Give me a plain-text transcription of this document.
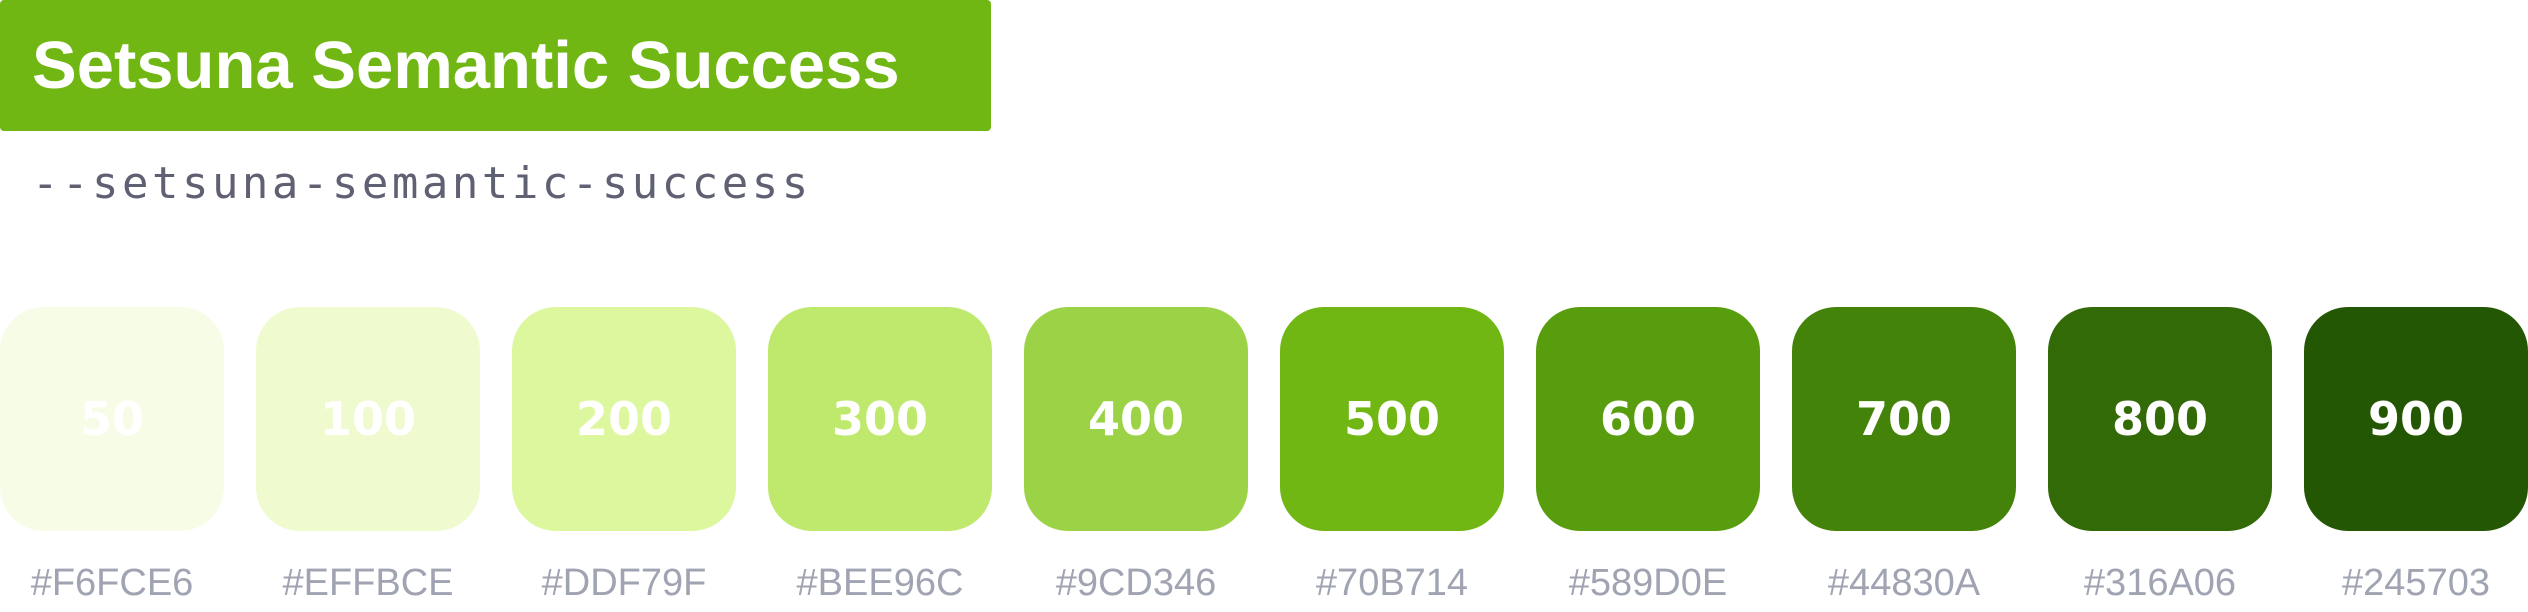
Setsuna Semantic Success
--setsuna-semantic-success
50
#F6FCE6
100
#EFFBCE
200
#DDF79F
300
#BEE96C
400
#9CD346
500
#70B714
600
#589D0E
700
#44830A
800
#316A06
900
#245703
